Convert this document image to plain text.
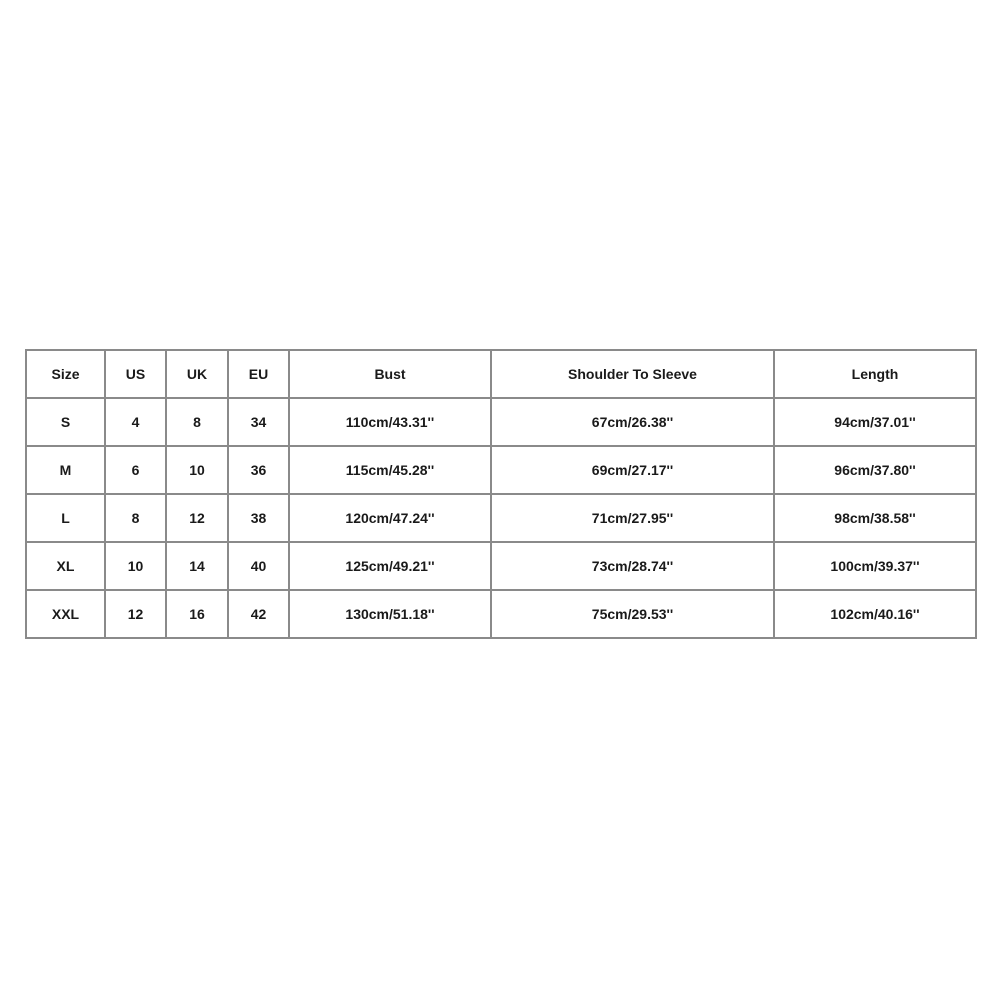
Size	US	UK	EU	Bust	Shoulder To Sleeve	Length
S	4	8	34	110cm/43.31''	67cm/26.38''	94cm/37.01''
M	6	10	36	115cm/45.28''	69cm/27.17''	96cm/37.80''
L	8	12	38	120cm/47.24''	71cm/27.95''	98cm/38.58''
XL	10	14	40	125cm/49.21''	73cm/28.74''	100cm/39.37''
XXL	12	16	42	130cm/51.18''	75cm/29.53''	102cm/40.16''
